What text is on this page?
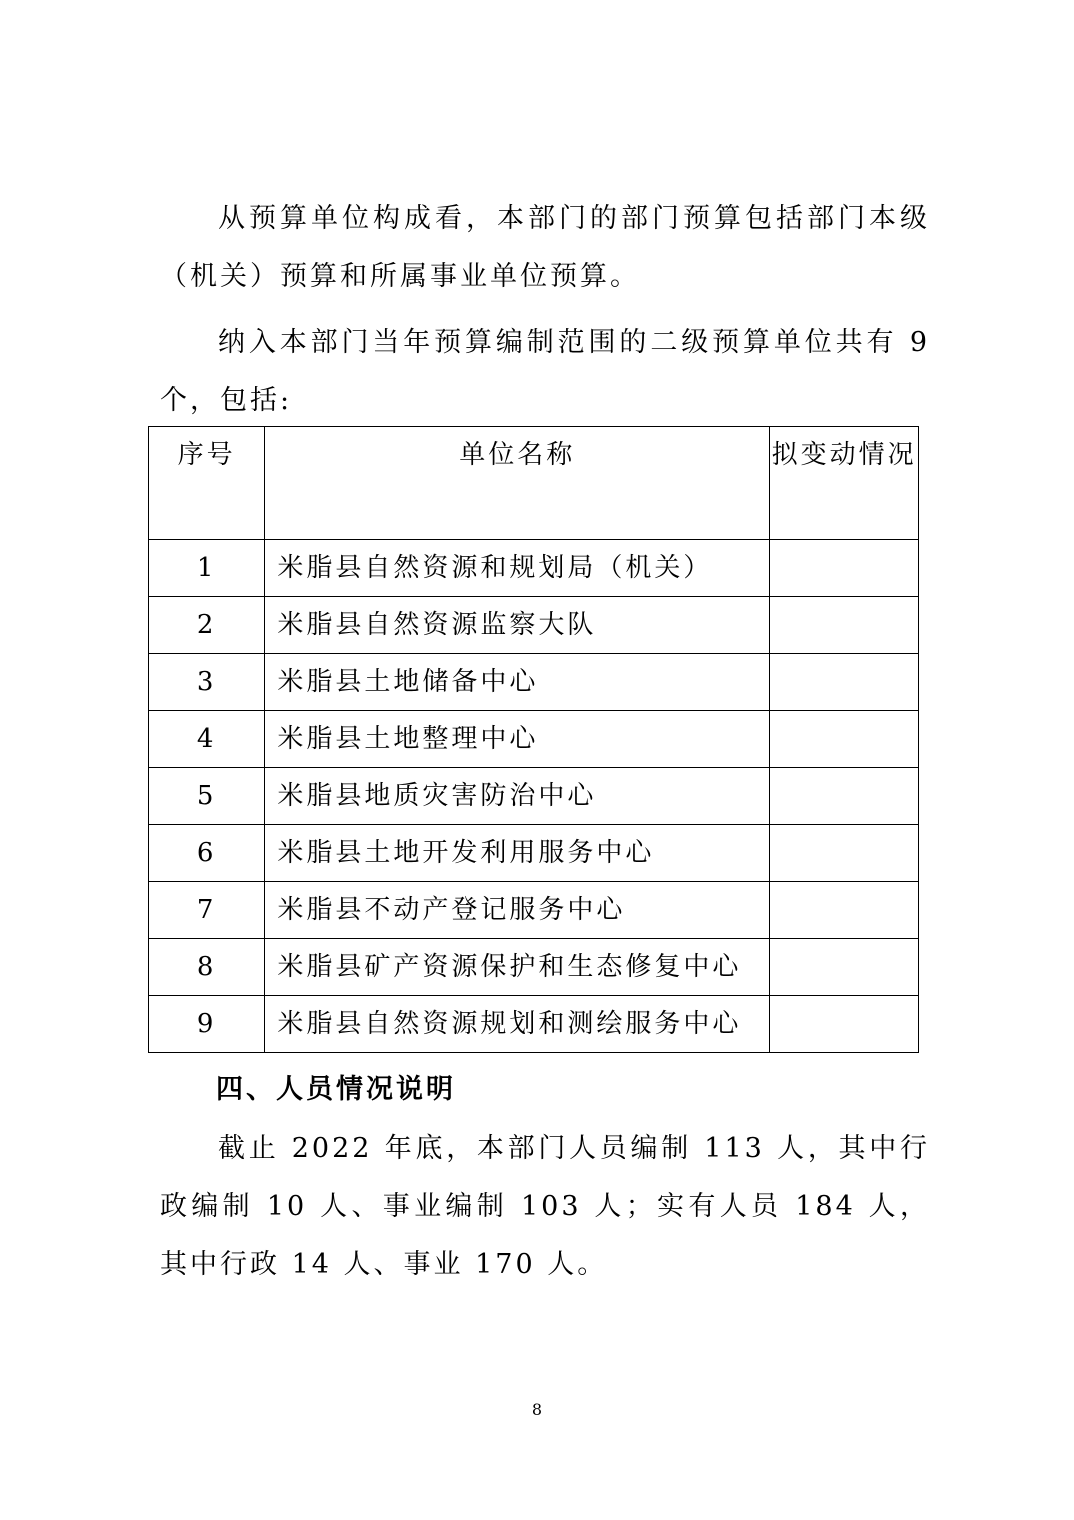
从预算单位构成看，本部门的部门预算包括部门本级（机关）预算和所属事业单位预算。

纳入本部门当年预算编制范围的二级预算单位共有 9 个，包括:

序号	单位名称	拟变动情况
1	米脂县自然资源和规划局（机关）	
2	米脂县自然资源监察大队	
3	米脂县土地储备中心	
4	米脂县土地整理中心	
5	米脂县地质灾害防治中心	
6	米脂县土地开发利用服务中心	
7	米脂县不动产登记服务中心	
8	米脂县矿产资源保护和生态修复中心	
9	米脂县自然资源规划和测绘服务中心	
四、人员情况说明

截止 2022 年底，本部门人员编制 113 人，其中行政编制 10 人、事业编制 103 人；实有人员 184 人，其中行政 14 人、事业 170 人。

8
